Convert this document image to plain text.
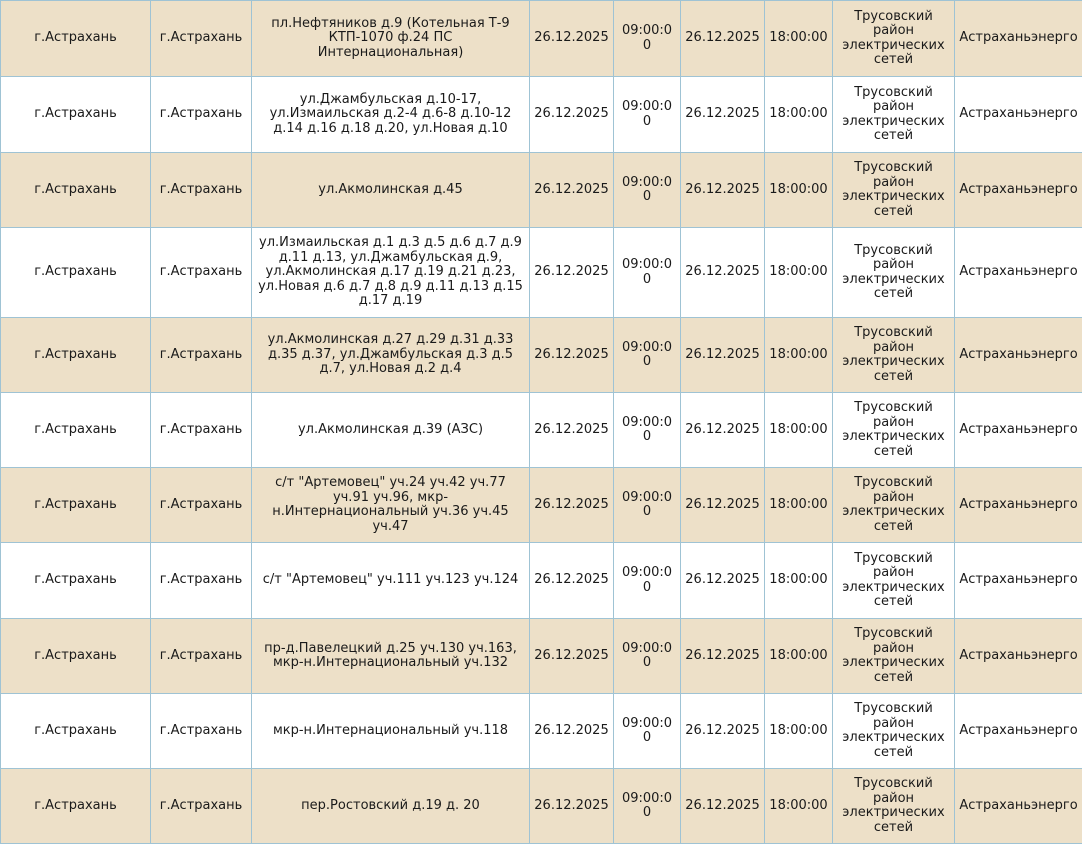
г.Астрахань	г.Астрахань	пл.Нефтяников д.9 (Котельная Т-9 КТП-1070 ф.24 ПС Интернациональная)	26.12.2025	09:00:00	26.12.2025	18:00:00	Трусовский район электрических сетей	Астраханьэнерго
г.Астрахань	г.Астрахань	ул.Джамбульская д.10-17, ул.Измаильская д.2-4 д.6-8 д.10-12 д.14 д.16 д.18 д.20, ул.Новая д.10	26.12.2025	09:00:00	26.12.2025	18:00:00	Трусовский район электрических сетей	Астраханьэнерго
г.Астрахань	г.Астрахань	ул.Акмолинская д.45	26.12.2025	09:00:00	26.12.2025	18:00:00	Трусовский район электрических сетей	Астраханьэнерго
г.Астрахань	г.Астрахань	ул.Измаильская д.1 д.3 д.5 д.6 д.7 д.9 д.11 д.13, ул.Джамбульская д.9, ул.Акмолинская д.17 д.19 д.21 д.23, ул.Новая д.6 д.7 д.8 д.9 д.11 д.13 д.15 д.17 д.19	26.12.2025	09:00:00	26.12.2025	18:00:00	Трусовский район электрических сетей	Астраханьэнерго
г.Астрахань	г.Астрахань	ул.Акмолинская д.27 д.29 д.31 д.33 д.35 д.37, ул.Джамбульская д.3 д.5 д.7, ул.Новая д.2 д.4	26.12.2025	09:00:00	26.12.2025	18:00:00	Трусовский район электрических сетей	Астраханьэнерго
г.Астрахань	г.Астрахань	ул.Акмолинская д.39 (АЗС)	26.12.2025	09:00:00	26.12.2025	18:00:00	Трусовский район электрических сетей	Астраханьэнерго
г.Астрахань	г.Астрахань	с/т "Артемовец" уч.24 уч.42 уч.77 уч.91 уч.96, мкр-н.Интернациональный уч.36 уч.45 уч.47	26.12.2025	09:00:00	26.12.2025	18:00:00	Трусовский район электрических сетей	Астраханьэнерго
г.Астрахань	г.Астрахань	с/т "Артемовец" уч.111 уч.123 уч.124	26.12.2025	09:00:00	26.12.2025	18:00:00	Трусовский район электрических сетей	Астраханьэнерго
г.Астрахань	г.Астрахань	пр-д.Павелецкий д.25 уч.130 уч.163, мкр-н.Интернациональный уч.132	26.12.2025	09:00:00	26.12.2025	18:00:00	Трусовский район электрических сетей	Астраханьэнерго
г.Астрахань	г.Астрахань	мкр-н.Интернациональный уч.118	26.12.2025	09:00:00	26.12.2025	18:00:00	Трусовский район электрических сетей	Астраханьэнерго
г.Астрахань	г.Астрахань	пер.Ростовский д.19 д. 20	26.12.2025	09:00:00	26.12.2025	18:00:00	Трусовский район электрических сетей	Астраханьэнерго
